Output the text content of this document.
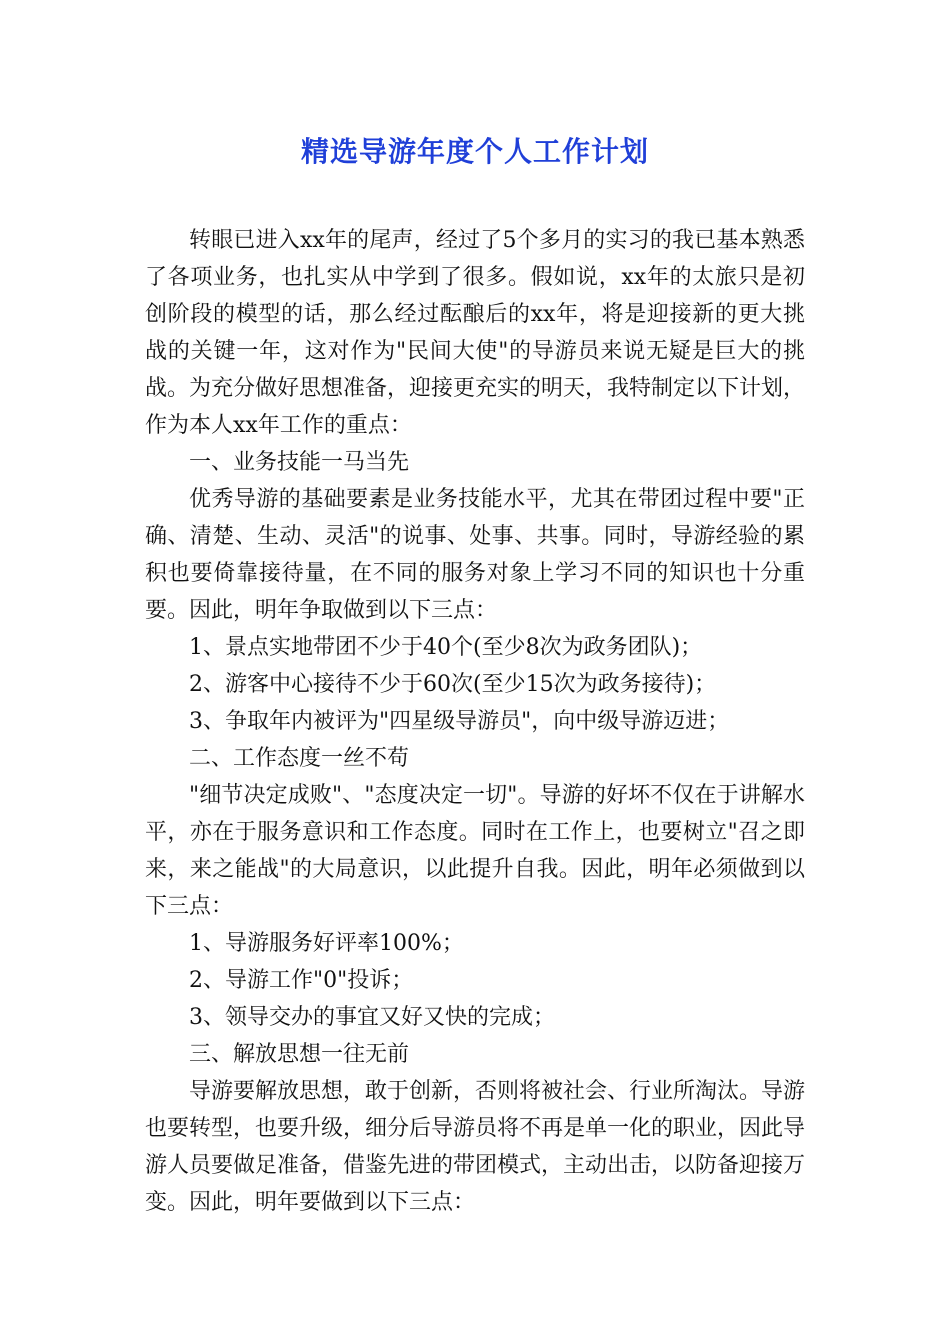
精选导游年度个人工作计划

转眼已进入xx年的尾声，经过了5个多月的实习的我已基本熟悉了各项业务，也扎实从中学到了很多。假如说，xx年的太旅只是初创阶段的模型的话，那么经过酝酿后的xx年，将是迎接新的更大挑战的关键一年，这对作为"民间大使"的导游员来说无疑是巨大的挑战。为充分做好思想准备，迎接更充实的明天，我特制定以下计划，作为本人xx年工作的重点：

一、业务技能一马当先

优秀导游的基础要素是业务技能水平，尤其在带团过程中要"正确、清楚、生动、灵活"的说事、处事、共事。同时，导游经验的累积也要倚靠接待量，在不同的服务对象上学习不同的知识也十分重要。因此，明年争取做到以下三点：

1、景点实地带团不少于40个(至少8次为政务团队)；

2、游客中心接待不少于60次(至少15次为政务接待)；

3、争取年内被评为"四星级导游员"，向中级导游迈进；

二、工作态度一丝不苟

"细节决定成败"、"态度决定一切"。导游的好坏不仅在于讲解水平，亦在于服务意识和工作态度。同时在工作上，也要树立"召之即来，来之能战"的大局意识，以此提升自我。因此，明年必须做到以下三点：

1、导游服务好评率100%；

2、导游工作"0"投诉；

3、领导交办的事宜又好又快的完成；

三、解放思想一往无前

导游要解放思想，敢于创新，否则将被社会、行业所淘汰。导游也要转型，也要升级，细分后导游员将不再是单一化的职业，因此导游人员要做足准备，借鉴先进的带团模式，主动出击，以防备迎接万变。因此，明年要做到以下三点：
